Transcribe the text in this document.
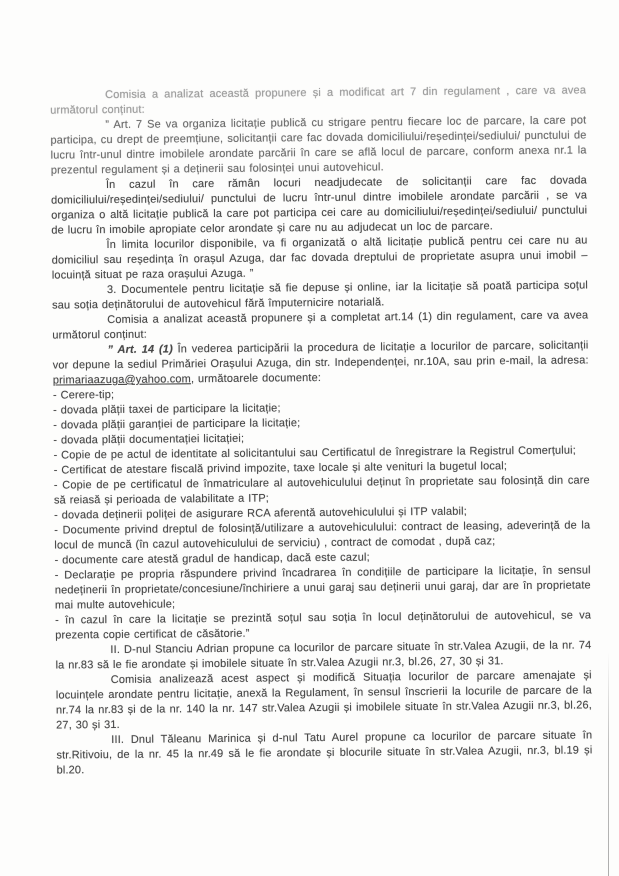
Comisia a analizat această propunere și a modificat art 7 din regulament , care va avea următorul conținut:

” Art. 7 Se va organiza licitație publică cu strigare pentru fiecare loc de parcare, la care pot participa, cu drept de preemțiune, solicitanții care fac dovada domiciliului/reședinței/sediului/ punctului de lucru într-unul dintre imobilele arondate parcării în care se află locul de parcare, conform anexa nr.1 la prezentul regulament și a deținerii sau folosinței unui autovehicul.

În cazul în care rămân locuri neadjudecate de solicitanții care fac dovada domiciliului/reședinței/sediului/ punctului de lucru într-unul dintre imobilele arondate parcării , se va organiza o altă licitație publică la care pot participa cei care au domiciliului/reședinței/sediului/ punctului de lucru în imobile apropiate celor arondate și care nu au adjudecat un loc de parcare.

În limita locurilor disponibile, va fi organizată o altă licitație publică pentru cei care nu au domiciliul sau reședința în orașul Azuga, dar fac dovada dreptului de proprietate asupra unui imobil – locuință situat pe raza orașului Azuga. ”

3. Documentele pentru licitație să fie depuse și online, iar la licitație să poată participa soțul sau soția deținătorului de autovehicul fără împuternicire notarială.

Comisia a analizat această propunere și a completat art.14 (1) din regulament, care va avea următorul conținut:

” Art. 14 (1) În vederea participării la procedura de licitație a locurilor de parcare, solicitanții vor depune la sediul Primăriei Orașului Azuga, din str. Independenței, nr.10A, sau prin e-mail, la adresa: primariaazuga@yahoo.com, următoarele documente:

- Cerere-tip;

- dovada plății taxei de participare la licitație;

- dovada plății garanției de participare la licitație;

- dovada plății documentației licitației;

- Copie de pe actul de identitate al solicitantului sau Certificatul de înregistrare la Registrul Comerțului;

- Certificat de atestare fiscală privind impozite, taxe locale și alte venituri la bugetul local;

- Copie de pe certificatul de înmatriculare al autovehiculului deținut în proprietate sau folosință din care să reiasă și perioada de valabilitate a ITP;

- dovada deținerii poliței de asigurare RCA aferentă autovehiculului și ITP valabil;

- Documente privind dreptul de folosință/utilizare a autovehiculului: contract de leasing, adeverință de la locul de muncă (în cazul autovehiculului de serviciu) , contract de comodat , după caz;

- documente care atestă gradul de handicap, dacă este cazul;

- Declarație pe propria răspundere privind încadrarea în condițiile de participare la licitație, în sensul nedeținerii în proprietate/concesiune/închiriere a unui garaj sau deținerii unui garaj, dar are în proprietate mai multe autovehicule;

- în cazul în care la licitație se prezintă soțul sau soția în locul deținătorului de autovehicul, se va prezenta copie certificat de căsătorie.”

II. D-nul Stanciu Adrian propune ca locurilor de parcare situate în str.Valea Azugii, de la nr. 74 la nr.83 să le fie arondate și imobilele situate în str.Valea Azugii nr.3, bl.26, 27, 30 și 31.

Comisia analizează acest aspect și modifică Situația locurilor de parcare amenajate și locuințele arondate pentru licitație, anexă la Regulament, în sensul înscrierii la locurile de parcare de la nr.74 la nr.83 și de la nr. 140 la nr. 147 str.Valea Azugii și imobilele situate în str.Valea Azugii nr.3, bl.26, 27, 30 și 31.

III. Dnul Tăleanu Marinica și d-nul Tatu Aurel propune ca locurilor de parcare situate în str.Ritivoiu, de la nr. 45 la nr.49 să le fie arondate și blocurile situate în str.Valea Azugii, nr.3, bl.19 și bl.20.
